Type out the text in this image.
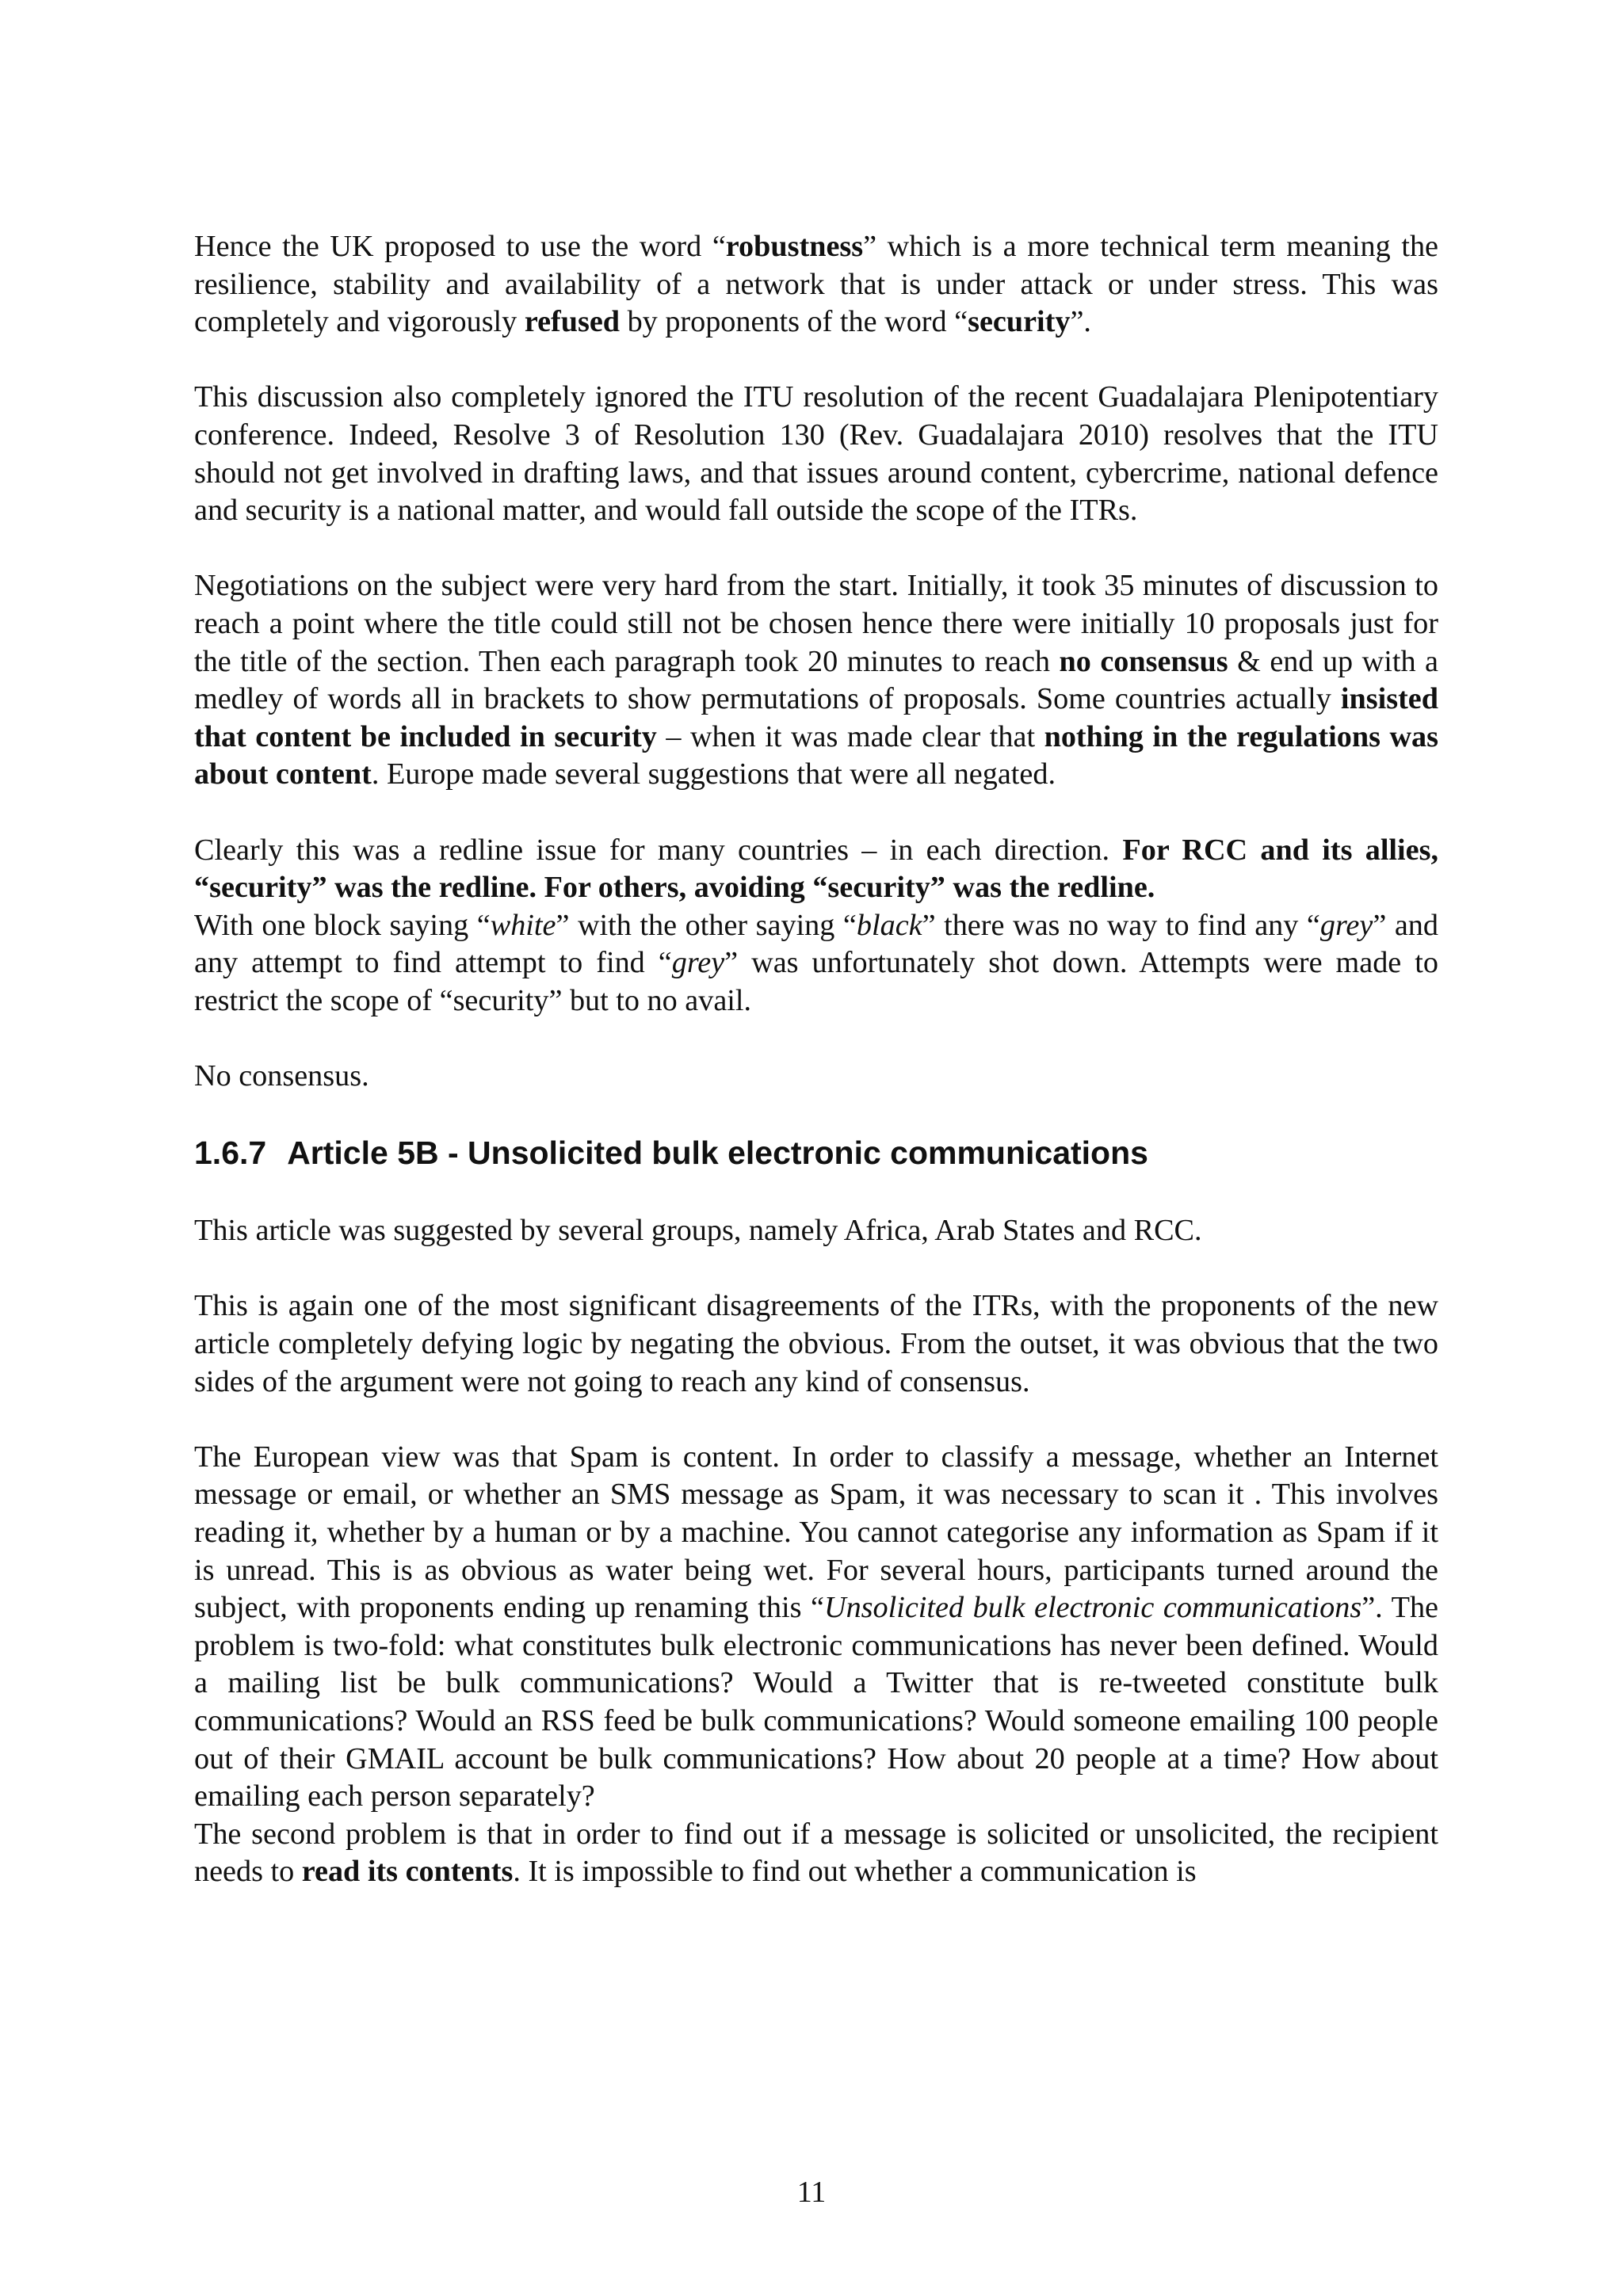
Hence the UK proposed to use the word “robustness” which is a more technical term meaning the resilience, stability and availability of a network that is under attack or under stress. This was completely and vigorously refused by proponents of the word “security”.

This discussion also completely ignored the ITU resolution of the recent Guadalajara Plenipotentiary conference. Indeed, Resolve 3 of Resolution 130 (Rev. Guadalajara 2010) resolves that the ITU should not get involved in drafting laws, and that issues around content, cybercrime, national defence and security is a national matter, and would fall outside the scope of the ITRs.

Negotiations on the subject were very hard from the start. Initially, it took 35 minutes of discussion to reach a point where the title could still not be chosen hence there were initially 10 proposals just for the title of the section. Then each paragraph took 20 minutes to reach no consensus & end up with a medley of words all in brackets to show permutations of proposals. Some countries actually insisted that content be included in security – when it was made clear that nothing in the regulations was about content. Europe made several suggestions that were all negated.

Clearly this was a redline issue for many countries – in each direction. For RCC and its allies, “security” was the redline. For others, avoiding “security” was the redline.

With one block saying “white” with the other saying “black” there was no way to find any “grey” and any attempt to find attempt to find “grey” was unfortunately shot down. Attempts were made to restrict the scope of “security” but to no avail.

No consensus.

1.6.7 Article 5B - Unsolicited bulk electronic communications

This article was suggested by several groups, namely Africa, Arab States and RCC.

This is again one of the most significant disagreements of the ITRs, with the proponents of the new article completely defying logic by negating the obvious. From the outset, it was obvious that the two sides of the argument were not going to reach any kind of consensus.

The European view was that Spam is content. In order to classify a message, whether an Internet message or email, or whether an SMS message as Spam, it was necessary to scan it . This involves reading it, whether by a human or by a machine. You cannot categorise any information as Spam if it is unread. This is as obvious as water being wet. For several hours, participants turned around the subject, with proponents ending up renaming this “Unsolicited bulk electronic communications”. The problem is two-fold: what constitutes bulk electronic communications has never been defined. Would a mailing list be bulk communications? Would a Twitter that is re-tweeted constitute bulk communications? Would an RSS feed be bulk communications? Would someone emailing 100 people out of their GMAIL account be bulk communications? How about 20 people at a time? How about emailing each person separately?

The second problem is that in order to find out if a message is solicited or unsolicited, the recipient needs to read its contents. It is impossible to find out whether a communication is

11
